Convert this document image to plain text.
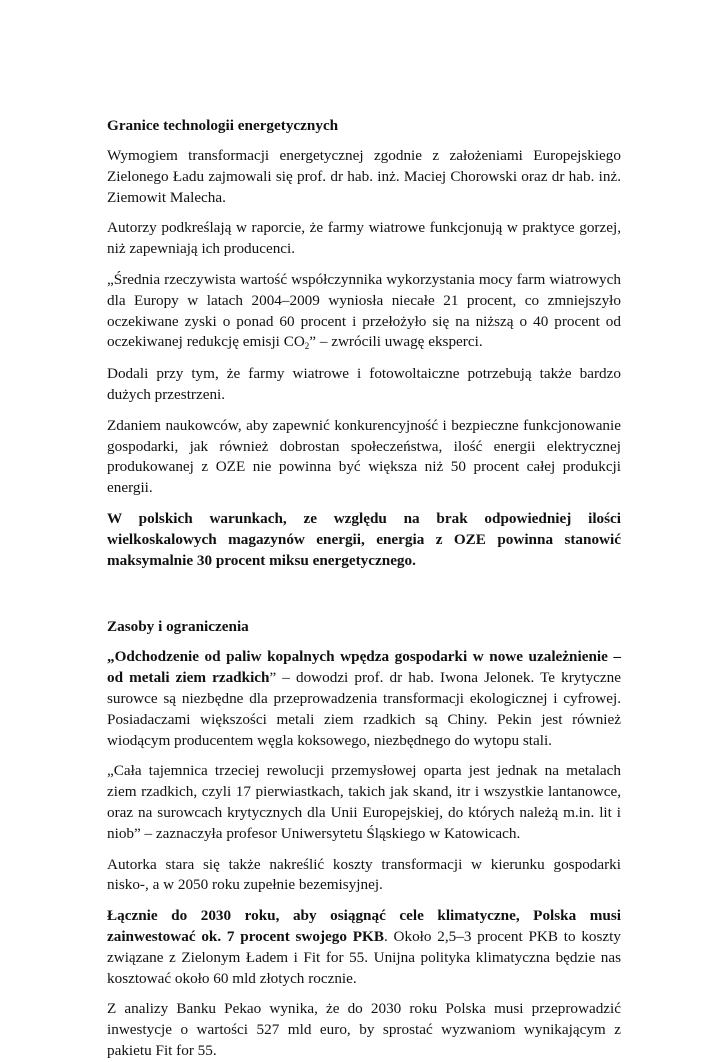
Granice technologii energetycznych

Wymogiem transformacji energetycznej zgodnie z założeniami Europejskiego Zielonego Ładu zajmowali się prof. dr hab. inż. Maciej Chorowski oraz dr hab. inż. Ziemowit Malecha.

Autorzy podkreślają w raporcie, że farmy wiatrowe funkcjonują w praktyce gorzej, niż zapewniają ich producenci.

„Średnia rzeczywista wartość współczynnika wykorzystania mocy farm wiatrowych dla Europy w latach 2004–2009 wyniosła niecałe 21 procent, co zmniejszyło oczekiwane zyski o ponad 60 procent i przełożyło się na niższą o 40 procent od oczekiwanej redukcję emisji $CO_2$” – zwrócili uwagę eksperci.

Dodali przy tym, że farmy wiatrowe i fotowoltaiczne potrzebują także bardzo dużych przestrzeni.

Zdaniem naukowców, aby zapewnić konkurencyjność i bezpieczne funkcjonowanie gospodarki, jak również dobrostan społeczeństwa, ilość energii elektrycznej produkowanej z OZE nie powinna być większa niż 50 procent całej produkcji energii.

W polskich warunkach, ze względu na brak odpowiedniej ilości wielkoskalowych magazynów energii, energia z OZE powinna stanowić maksymalnie 30 procent miksu energetycznego.

Zasoby i ograniczenia

„Odchodzenie od paliw kopalnych wpędza gospodarki w nowe uzależnienie – od metali ziem rzadkich” – dowodzi prof. dr hab. Iwona Jelonek. Te krytyczne surowce są niezbędne dla przeprowadzenia transformacji ekologicznej i cyfrowej. Posiadaczami większości metali ziem rzadkich są Chiny. Pekin jest również wiodącym producentem węgla koksowego, niezbędnego do wytopu stali.

„Cała tajemnica trzeciej rewolucji przemysłowej oparta jest jednak na metalach ziem rzadkich, czyli 17 pierwiastkach, takich jak skand, itr i wszystkie lantanowce, oraz na surowcach krytycznych dla Unii Europejskiej, do których należą m.in. lit i niob” – zaznaczyła profesor Uniwersytetu Śląskiego w Katowicach.

Autorka stara się także nakreślić koszty transformacji w kierunku gospodarki nisko-, a w 2050 roku zupełnie bezemisyjnej.

Łącznie do 2030 roku, aby osiągnąć cele klimatyczne, Polska musi zainwestować ok. 7 procent swojego PKB. Około 2,5–3 procent PKB to koszty związane z Zielonym Ładem i Fit for 55. Unijna polityka klimatyczna będzie nas kosztować około 60 mld złotych rocznie.

Z analizy Banku Pekao wynika, że do 2030 roku Polska musi przeprowadzić inwestycje o wartości 527 mld euro, by sprostać wyzwaniom wynikającym z pakietu Fit for 55.
